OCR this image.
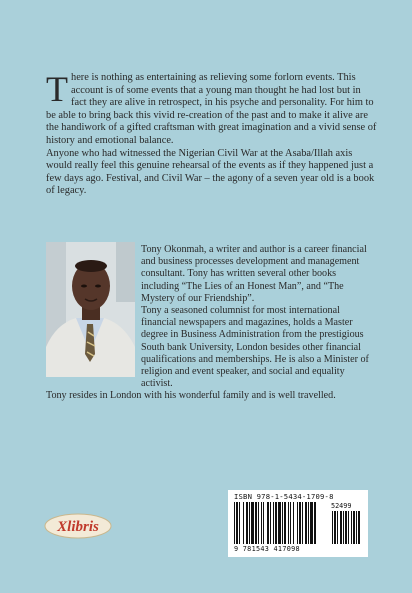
T here is nothing as entertaining as relieving some forlorn events. This account is of some events that a young man thought he had lost but in fact they are alive in retrospect, in his psyche and personality. For him to be able to bring back this vivid re-creation of the past and to make it alive are the handiwork of a gifted craftsman with great imagination and a vivid sense of history and emotional balance.

Anyone who had witnessed the Nigerian Civil War at the Asaba/Illah axis would really feel this genuine rehearsal of the events as if they happened just a few days ago. Festival, and Civil War – the agony of a seven year old is a book of legacy.

Tony Okonmah, a writer and author is a career financial and business processes development and management consultant. Tony has written several other books including “The Lies of an Honest Man”, and “The Mystery of our Friendship”.

Tony a seasoned columnist for most international financial newspapers and magazines, holds a Master degree in Business Administration from the prestigious South bank University, London besides other financial qualifications and memberships. He is also a Minister of religion and event speaker, and social and equality activist.

Tony resides in London with his wonderful family and is well travelled.

Xlibris
ISBN 978-1-5434-1709-8
52499
9 781543 417098
